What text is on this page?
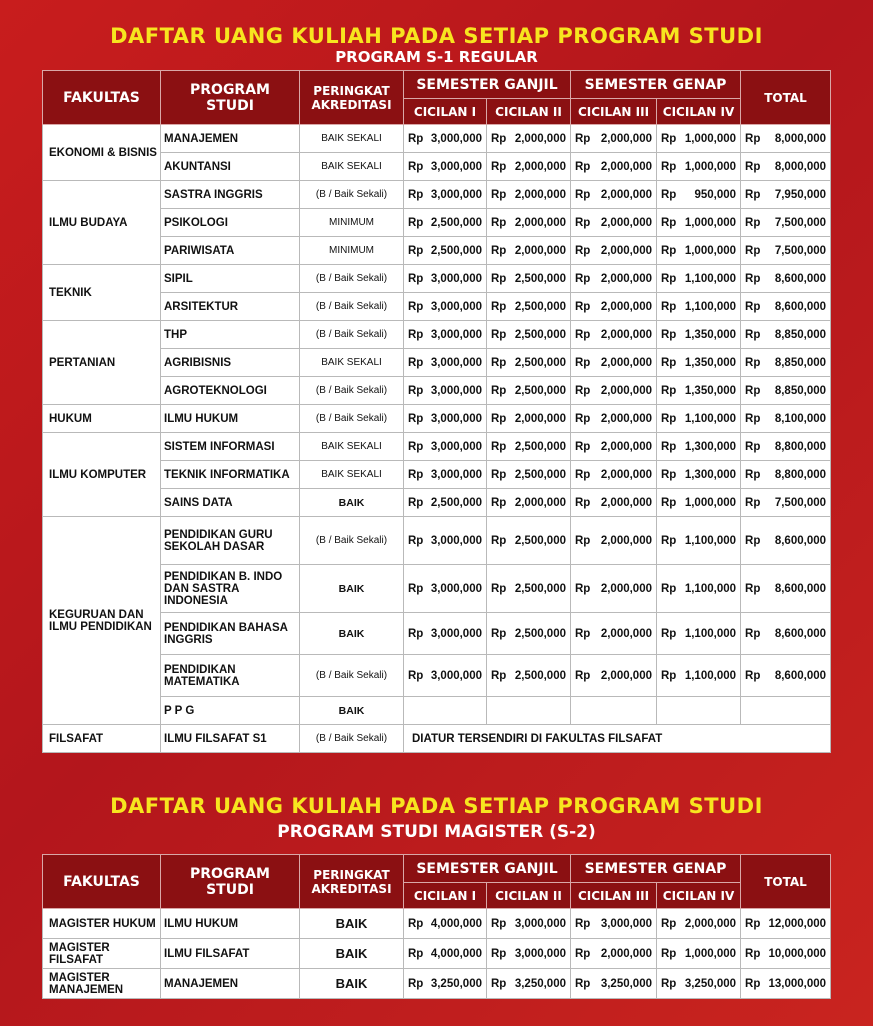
DAFTAR UANG KULIAH PADA SETIAP PROGRAM STUDI
PROGRAM S-1 REGULAR
FAKULTAS	PROGRAM STUDI	PERINGKAT AKREDITASI	SEMESTER GANJIL		SEMESTER GENAP		TOTAL
			CICILAN I	CICILAN II	CICILAN III	CICILAN IV	
EKONOMI & BISNIS	MANAJEMEN	BAIK SEKALI	Rp 3,000,000	Rp 2,000,000	Rp 2,000,000	Rp 1,000,000	Rp 8,000,000

	AKUNTANSI	BAIK SEKALI	Rp 3,000,000	Rp 2,000,000	Rp 2,000,000	Rp 1,000,000	Rp 8,000,000

ILMU BUDAYA	SASTRA INGGRIS	(B / Baik Sekali)	Rp 3,000,000	Rp 2,000,000	Rp 2,000,000	Rp 950,000	Rp 7,950,000

	PSIKOLOGI	MINIMUM	Rp 2,500,000	Rp 2,000,000	Rp 2,000,000	Rp 1,000,000	Rp 7,500,000

	PARIWISATA	MINIMUM	Rp 2,500,000	Rp 2,000,000	Rp 2,000,000	Rp 1,000,000	Rp 7,500,000

TEKNIK	SIPIL	(B / Baik Sekali)	Rp 3,000,000	Rp 2,500,000	Rp 2,000,000	Rp 1,100,000	Rp 8,600,000

	ARSITEKTUR	(B / Baik Sekali)	Rp 3,000,000	Rp 2,500,000	Rp 2,000,000	Rp 1,100,000	Rp 8,600,000

PERTANIAN	THP	(B / Baik Sekali)	Rp 3,000,000	Rp 2,500,000	Rp 2,000,000	Rp 1,350,000	Rp 8,850,000

	AGRIBISNIS	BAIK SEKALI	Rp 3,000,000	Rp 2,500,000	Rp 2,000,000	Rp 1,350,000	Rp 8,850,000

	AGROTEKNOLOGI	(B / Baik Sekali)	Rp 3,000,000	Rp 2,500,000	Rp 2,000,000	Rp 1,350,000	Rp 8,850,000

HUKUM	ILMU HUKUM	(B / Baik Sekali)	Rp 3,000,000	Rp 2,000,000	Rp 2,000,000	Rp 1,100,000	Rp 8,100,000

ILMU KOMPUTER	SISTEM INFORMASI	BAIK SEKALI	Rp 3,000,000	Rp 2,500,000	Rp 2,000,000	Rp 1,300,000	Rp 8,800,000

	TEKNIK INFORMATIKA	BAIK SEKALI	Rp 3,000,000	Rp 2,500,000	Rp 2,000,000	Rp 1,300,000	Rp 8,800,000

	SAINS DATA	BAIK	Rp 2,500,000	Rp 2,000,000	Rp 2,000,000	Rp 1,000,000	Rp 7,500,000

KEGURUAN DAN ILMU PENDIDIKAN	PENDIDIKAN GURU SEKOLAH DASAR	(B / Baik Sekali)	Rp 3,000,000	Rp 2,500,000	Rp 2,000,000	Rp 1,100,000	Rp 8,600,000

	PENDIDIKAN B. INDO DAN SASTRA INDONESIA	BAIK	Rp 3,000,000	Rp 2,500,000	Rp 2,000,000	Rp 1,100,000	Rp 8,600,000

	PENDIDIKAN BAHASA INGGRIS	BAIK	Rp 3,000,000	Rp 2,500,000	Rp 2,000,000	Rp 1,100,000	Rp 8,600,000

	PENDIDIKAN MATEMATIKA	(B / Baik Sekali)	Rp 3,000,000	Rp 2,500,000	Rp 2,000,000	Rp 1,100,000	Rp 8,600,000

	P P G	BAIK					
FILSAFAT	ILMU FILSAFAT S1	(B / Baik Sekali)	DIATUR TERSENDIRI DI FAKULTAS FILSAFAT				
DAFTAR UANG KULIAH PADA SETIAP PROGRAM STUDI
PROGRAM STUDI MAGISTER (S-2)
FAKULTAS	PROGRAM STUDI	PERINGKAT AKREDITASI	SEMESTER GANJIL		SEMESTER GENAP		TOTAL
			CICILAN I	CICILAN II	CICILAN III	CICILAN IV	
MAGISTER HUKUM	ILMU HUKUM	BAIK	Rp 4,000,000	Rp 3,000,000	Rp 3,000,000	Rp 2,000,000	Rp 12,000,000

MAGISTER FILSAFAT	ILMU FILSAFAT	BAIK	Rp 4,000,000	Rp 3,000,000	Rp 2,000,000	Rp 1,000,000	Rp 10,000,000

MAGISTER MANAJEMEN	MANAJEMEN	BAIK	Rp 3,250,000	Rp 3,250,000	Rp 3,250,000	Rp 3,250,000	Rp 13,000,000
